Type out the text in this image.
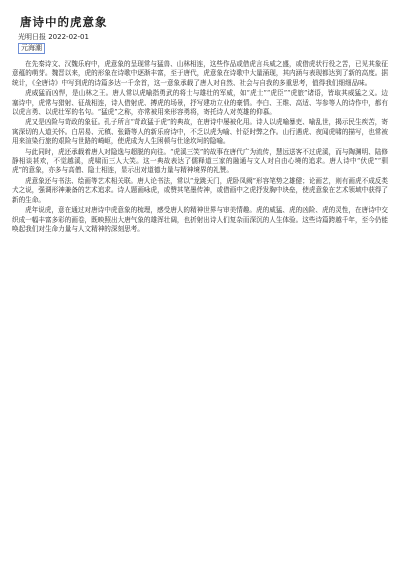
唐诗中的虎意象
光明日报 2022-02-01
元海潮

在先秦诗文、汉魏乐府中，虎意象的呈现常与猛兽、山林相连，这些作品或借虎言兵威之盛，或借虎状行役之苦，已见其象征意蕴的萌芽。魏晋以来，虎的形象在诗歌中逐渐丰富，至于唐代，虎意象在诗歌中大量涌现，其内涵与表现都达到了新的高度。据统计，《全唐诗》中写到虎的诗篇多达一千余首，这一意象承载了唐人对自然、社会与自我的多重思考，值得我们细细品味。

虎威猛而凶悍，是山林之王。唐人常以虎喻指勇武的将士与雄壮的军威，如“虎士”“虎臣”“虎旅”诸语，皆取其威猛之义。边塞诗中，虎常与猎射、征战相连，诗人借射虎、搏虎的场景，抒写建功立业的豪情。李白、王维、高适、岑参等人的诗作中，都有以虎言勇、以虎壮军的名句。“猛虎”之称，亦常被用来形容勇将，寄托诗人对英雄的仰慕。

虎又是凶险与苛政的象征。孔子所言“苛政猛于虎”的典故，在唐诗中屡被化用。诗人以虎喻暴吏、喻乱世，揭示民生疾苦，寄寓深切的人道关怀。白居易、元稹、张籍等人的新乐府诗中，不乏以虎为喻、针砭时弊之作。山行遇虎、夜闻虎啸的描写，也常被用来渲染行旅的艰险与世路的崎岖，使虎成为人生困顿与仕途坎坷的隐喻。

与此同时，虎还承载着唐人对隐逸与超脱的向往。“虎溪三笑”的故事在唐代广为流传，慧远送客不过虎溪，而与陶渊明、陆修静相谈甚欢，不觉越溪，虎啸而三人大笑。这一典故表达了儒释道三家的融通与文人对自由心境的追求。唐人诗中“伏虎”“驯虎”的意象，亦多与高僧、隐士相连，显示出对道德力量与精神境界的礼赞。

虎意象还与书法、绘画等艺术相关联。唐人论书法，常以“龙跳天门，虎卧凤阙”形容笔势之雄健；论画艺，则有画虎不成反类犬之说，强调形神兼备的艺术追求。诗人题画咏虎，或赞其笔墨传神，或借画中之虎抒发胸中块垒，使虎意象在艺术领域中获得了新的生命。

虎年说虎，意在通过对唐诗中虎意象的梳理，感受唐人的精神世界与审美情趣。虎的威猛、虎的凶险、虎的灵性，在唐诗中交织成一幅丰富多彩的画卷，既映照出大唐气象的雄浑壮阔，也折射出诗人们复杂而深沉的人生体验。这些诗篇跨越千年，至今仍能唤起我们对生命力量与人文精神的深刻思考。
